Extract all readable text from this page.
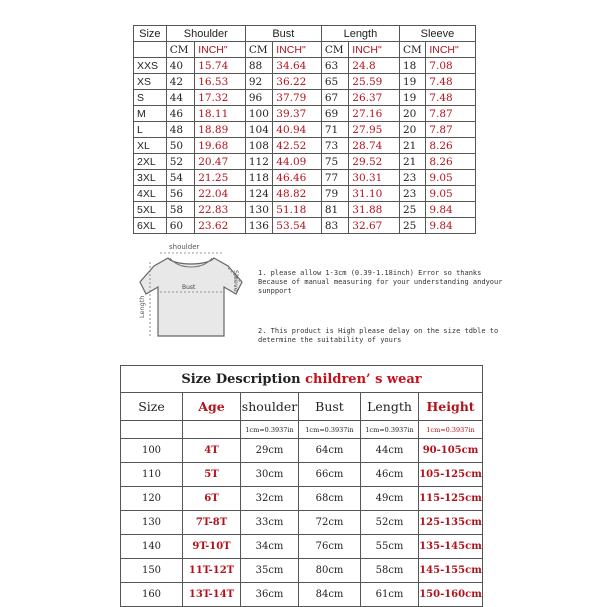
Size	Shoulder		Bust		Length		Sleeve	
	CM	INCH"	CM	INCH"	CM	INCH"	CM	INCH"
XXS	40	15.74	88	34.64	63	24.8	18	7.08
XS	42	16.53	92	36.22	65	25.59	19	7.48
S	44	17.32	96	37.79	67	26.37	19	7.48
M	46	18.11	100	39.37	69	27.16	20	7.87
L	48	18.89	104	40.94	71	27.95	20	7.87
XL	50	19.68	108	42.52	73	28.74	21	8.26
2XL	52	20.47	112	44.09	75	29.52	21	8.26
3XL	54	21.25	118	46.46	77	30.31	23	9.05
4XL	56	22.04	124	48.82	79	31.10	23	9.05
5XL	58	22.83	130	51.18	81	31.88	25	9.84
6XL	60	23.62	136	53.54	83	32.67	25	9.84
shoulder
Bust
Length
Sleeve	1. please allow 1-3cm (0.39-1.18inch) Error so thanks
Because of manual measuring for your understanding andyour
sunpport
2. This product is High please delay on the size tdble to
determine the suitability of yours
Size Description children’ s wear					
Size	Age	shoulder	Bust	Length	Height
		1cm=0.3937in	1cm=0.3937in	1cm=0.3937in	1cm=0.3937in
100	4T	29cm	64cm	44cm	90-105cm
110	5T	30cm	66cm	46cm	105-125cm
120	6T	32cm	68cm	49cm	115-125cm
130	7T-8T	33cm	72cm	52cm	125-135cm
140	9T-10T	34cm	76cm	55cm	135-145cm
150	11T-12T	35cm	80cm	58cm	145-155cm
160	13T-14T	36cm	84cm	61cm	150-160cm
